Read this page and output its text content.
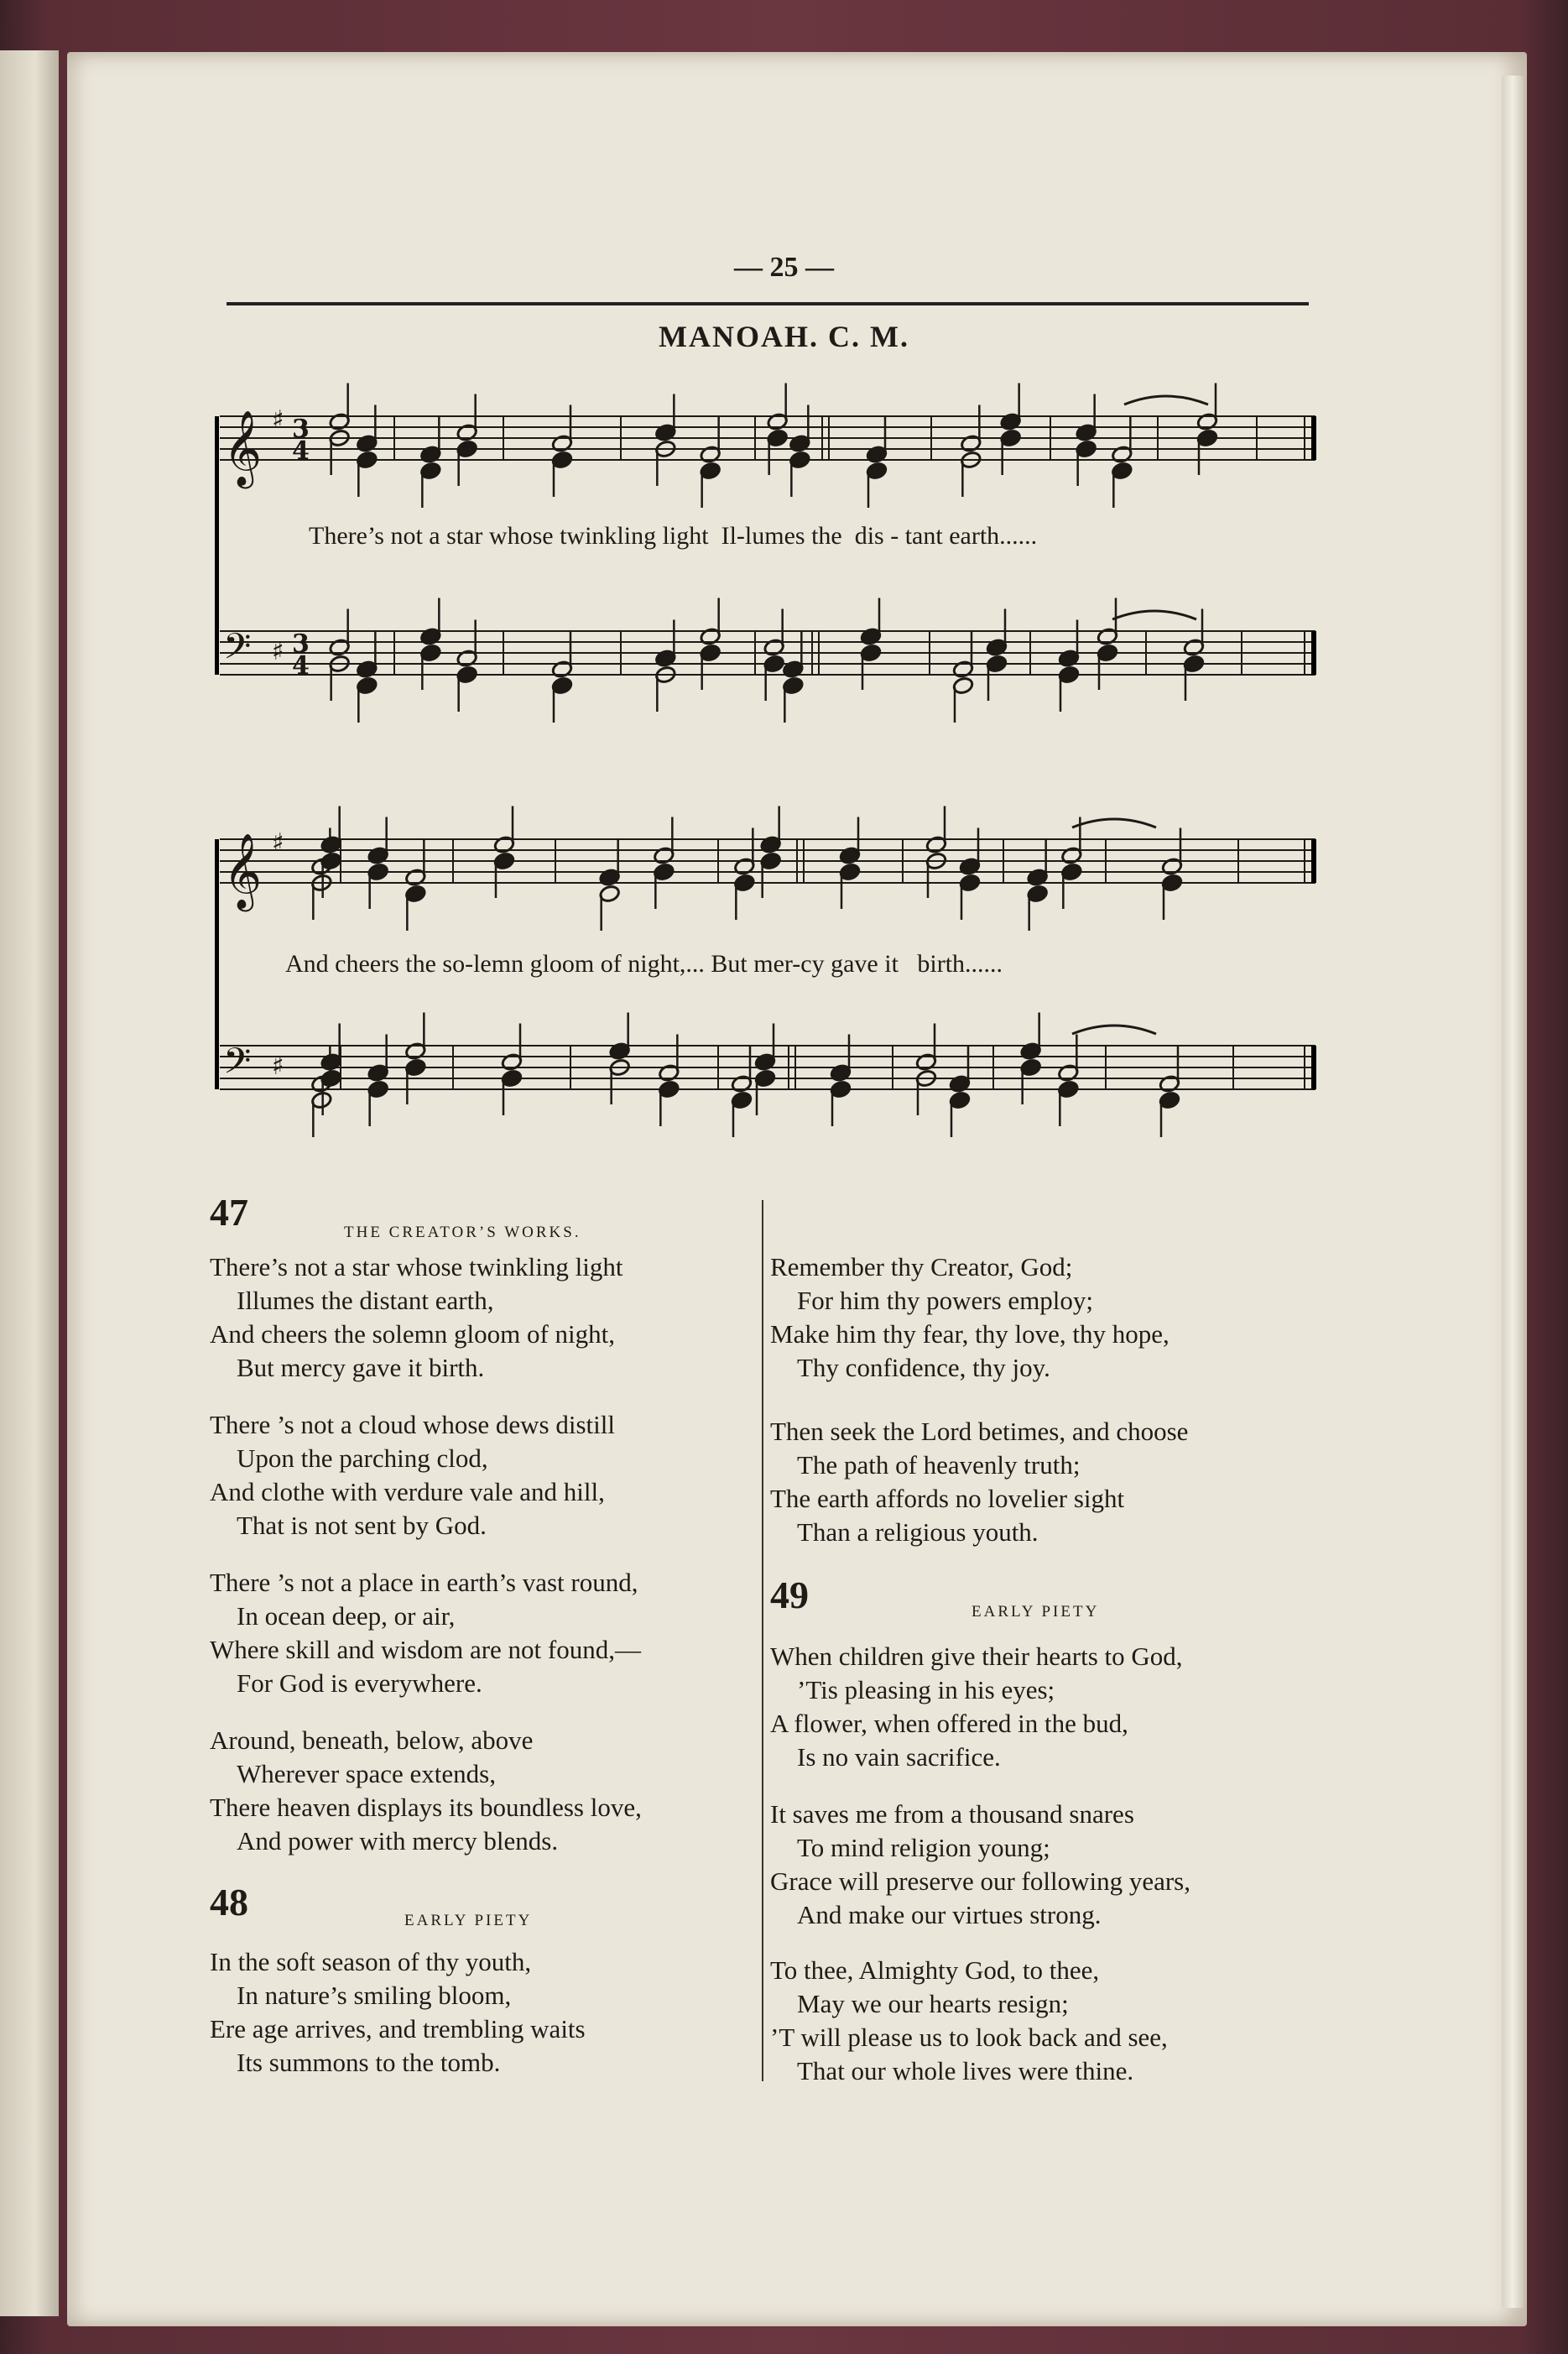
— 25 —
MANOAH. C. M.
𝄞 ♯ 3
4
𝄢 ♯ 3
4
𝄞 ♯
𝄢 ♯
There’s not a star whose twinkling light  Il-lumes the  dis - tant earth......
And cheers the so-lemn gloom of night,... But mer-cy gave it   birth......
47	THE CREATOR’S WORKS.
There’s not a star whose twinkling light
Illumes the distant earth,
And cheers the solemn gloom of night,
But mercy gave it birth.
There ’s not a cloud whose dews distill
Upon the parching clod,
And clothe with verdure vale and hill,
That is not sent by God.
There ’s not a place in earth’s vast round,
In ocean deep, or air,
Where skill and wisdom are not found,—
For God is everywhere.
Around, beneath, below, above
Wherever space extends,
There heaven displays its boundless love,
And power with mercy blends.
48	EARLY PIETY
In the soft season of thy youth,
In nature’s smiling bloom,
Ere age arrives, and trembling waits
Its summons to the tomb.
Remember thy Creator, God;
For him thy powers employ;
Make him thy fear, thy love, thy hope,
Thy confidence, thy joy.
Then seek the Lord betimes, and choose
The path of heavenly truth;
The earth affords no lovelier sight
Than a religious youth.
49	EARLY PIETY
When children give their hearts to God,
’Tis pleasing in his eyes;
A flower, when offered in the bud,
Is no vain sacrifice.
It saves me from a thousand snares
To mind religion young;
Grace will preserve our following years,
And make our virtues strong.
To thee, Almighty God, to thee,
May we our hearts resign;
’T will please us to look back and see,
That our whole lives were thine.
